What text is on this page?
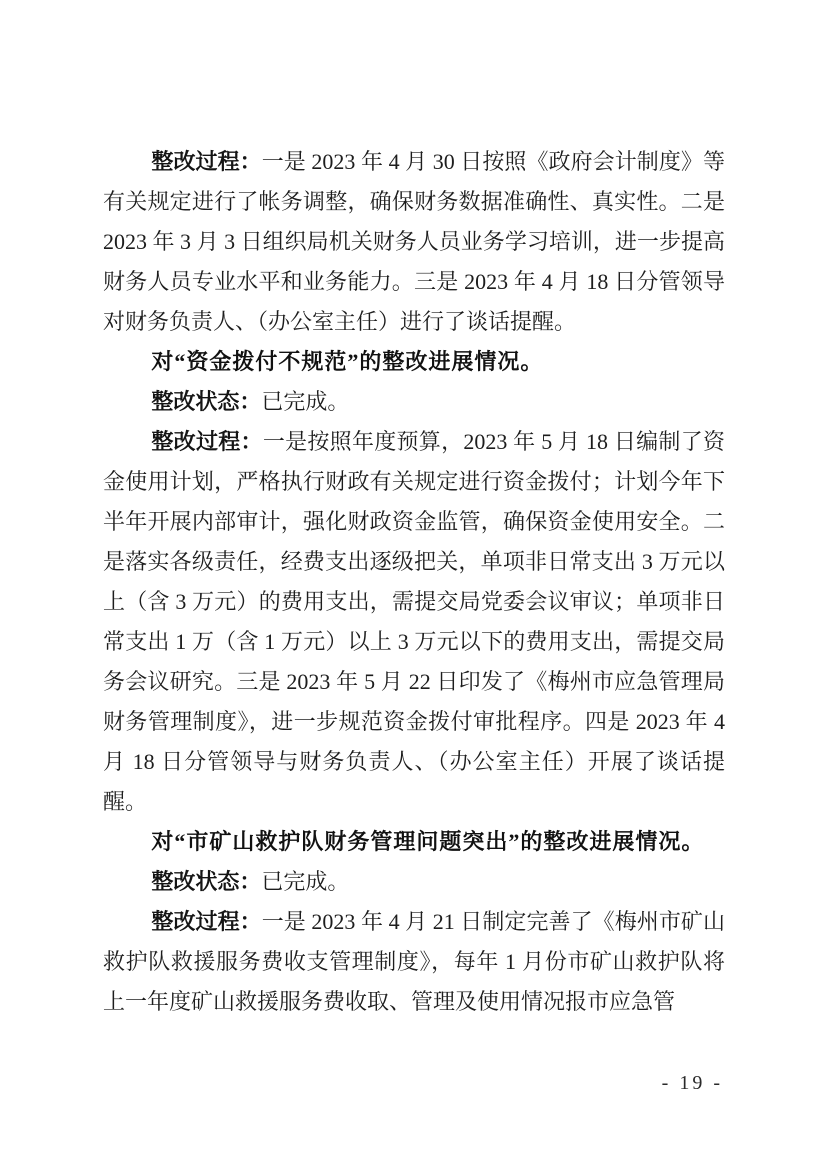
整改过程：一是 2023 年 4 月 30 日按照《政府会计制度》等有关规定进行了帐务调整，确保财务数据准确性、真实性。二是 2023 年 3 月 3 日组织局机关财务人员业务学习培训，进一步提高财务人员专业水平和业务能力。三是 2023 年 4 月 18 日分管领导对财务负责人、（办公室主任）进行了谈话提醒。

对“资金拨付不规范”的整改进展情况。

整改状态：已完成。

整改过程：一是按照年度预算，2023 年 5 月 18 日编制了资金使用计划，严格执行财政有关规定进行资金拨付；计划今年下半年开展内部审计，强化财政资金监管，确保资金使用安全。二是落实各级责任，经费支出逐级把关，单项非日常支出 3 万元以上（含 3 万元）的费用支出，需提交局党委会议审议；单项非日常支出 1 万（含 1 万元）以上 3 万元以下的费用支出，需提交局务会议研究。三是 2023 年 5 月 22 日印发了《梅州市应急管理局财务管理制度》，进一步规范资金拨付审批程序。四是 2023 年 4 月 18 日分管领导与财务负责人、（办公室主任）开展了谈话提醒。

对“市矿山救护队财务管理问题突出”的整改进展情况。

整改状态：已完成。

整改过程：一是 2023 年 4 月 21 日制定完善了《梅州市矿山救护队救援服务费收支管理制度》，每年 1 月份市矿山救护队将上一年度矿山救援服务费收取、管理及使用情况报市应急管

- 19 -
